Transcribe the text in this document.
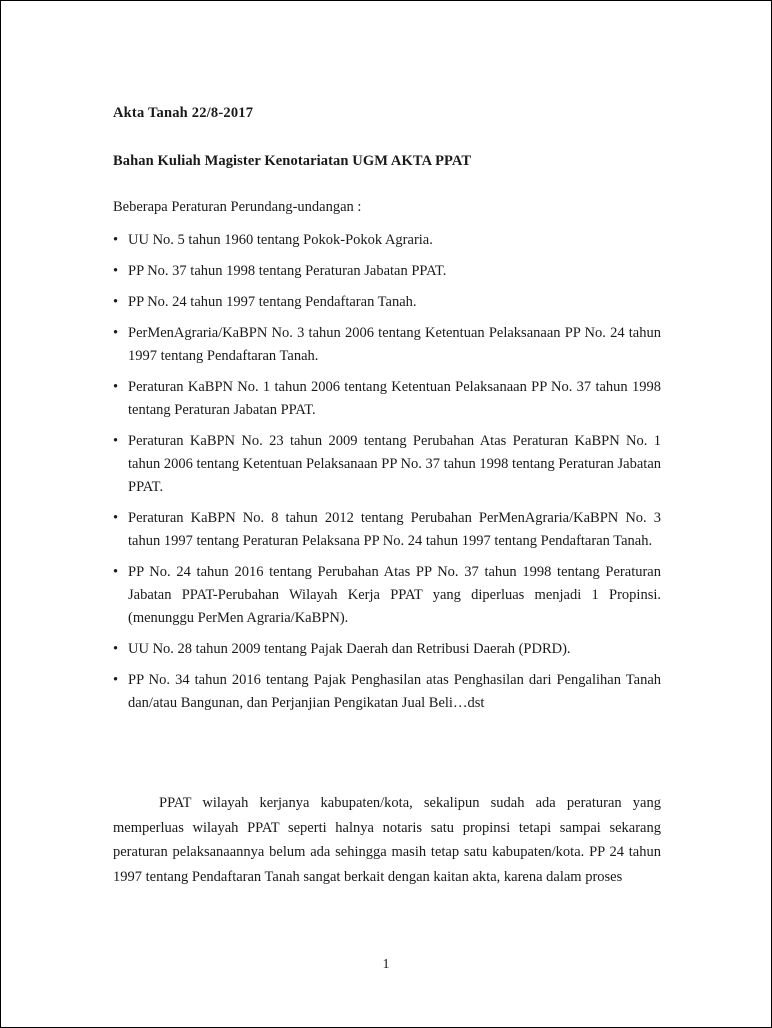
Akta Tanah 22/8-2017
Bahan Kuliah Magister Kenotariatan UGM AKTA PPAT
Beberapa Peraturan Perundang-undangan :
• UU No. 5 tahun 1960 tentang Pokok-Pokok Agraria.
• PP No. 37 tahun 1998 tentang Peraturan Jabatan PPAT.
• PP No. 24 tahun 1997 tentang Pendaftaran Tanah.
• PerMenAgraria/KaBPN No. 3 tahun 2006 tentang Ketentuan Pelaksanaan PP No. 24 tahun 1997 tentang Pendaftaran Tanah.
• Peraturan KaBPN No. 1 tahun 2006 tentang Ketentuan Pelaksanaan PP No. 37 tahun 1998 tentang Peraturan Jabatan PPAT.
• Peraturan KaBPN No. 23 tahun 2009 tentang Perubahan Atas Peraturan KaBPN No. 1 tahun 2006 tentang Ketentuan Pelaksanaan PP No. 37 tahun 1998 tentang Peraturan Jabatan PPAT.
• Peraturan KaBPN No. 8 tahun 2012 tentang Perubahan PerMenAgraria/KaBPN No. 3 tahun 1997 tentang Peraturan Pelaksana PP No. 24 tahun 1997 tentang Pendaftaran Tanah.
• PP No. 24 tahun 2016 tentang Perubahan Atas PP No. 37 tahun 1998 tentang Peraturan Jabatan PPAT-Perubahan Wilayah Kerja PPAT yang diperluas menjadi 1 Propinsi. (menunggu PerMen Agraria/KaBPN).
• UU No. 28 tahun 2009 tentang Pajak Daerah dan Retribusi Daerah (PDRD).
• PP No. 34 tahun 2016 tentang Pajak Penghasilan atas Penghasilan dari Pengalihan Tanah dan/atau Bangunan, dan Perjanjian Pengikatan Jual Beli…dst

PPAT wilayah kerjanya kabupaten/kota, sekalipun sudah ada peraturan yang memperluas wilayah PPAT seperti halnya notaris satu propinsi tetapi sampai sekarang peraturan pelaksanaannya belum ada sehingga masih tetap satu kabupaten/kota. PP 24 tahun 1997 tentang Pendaftaran Tanah sangat berkait dengan kaitan akta, karena dalam proses

1
